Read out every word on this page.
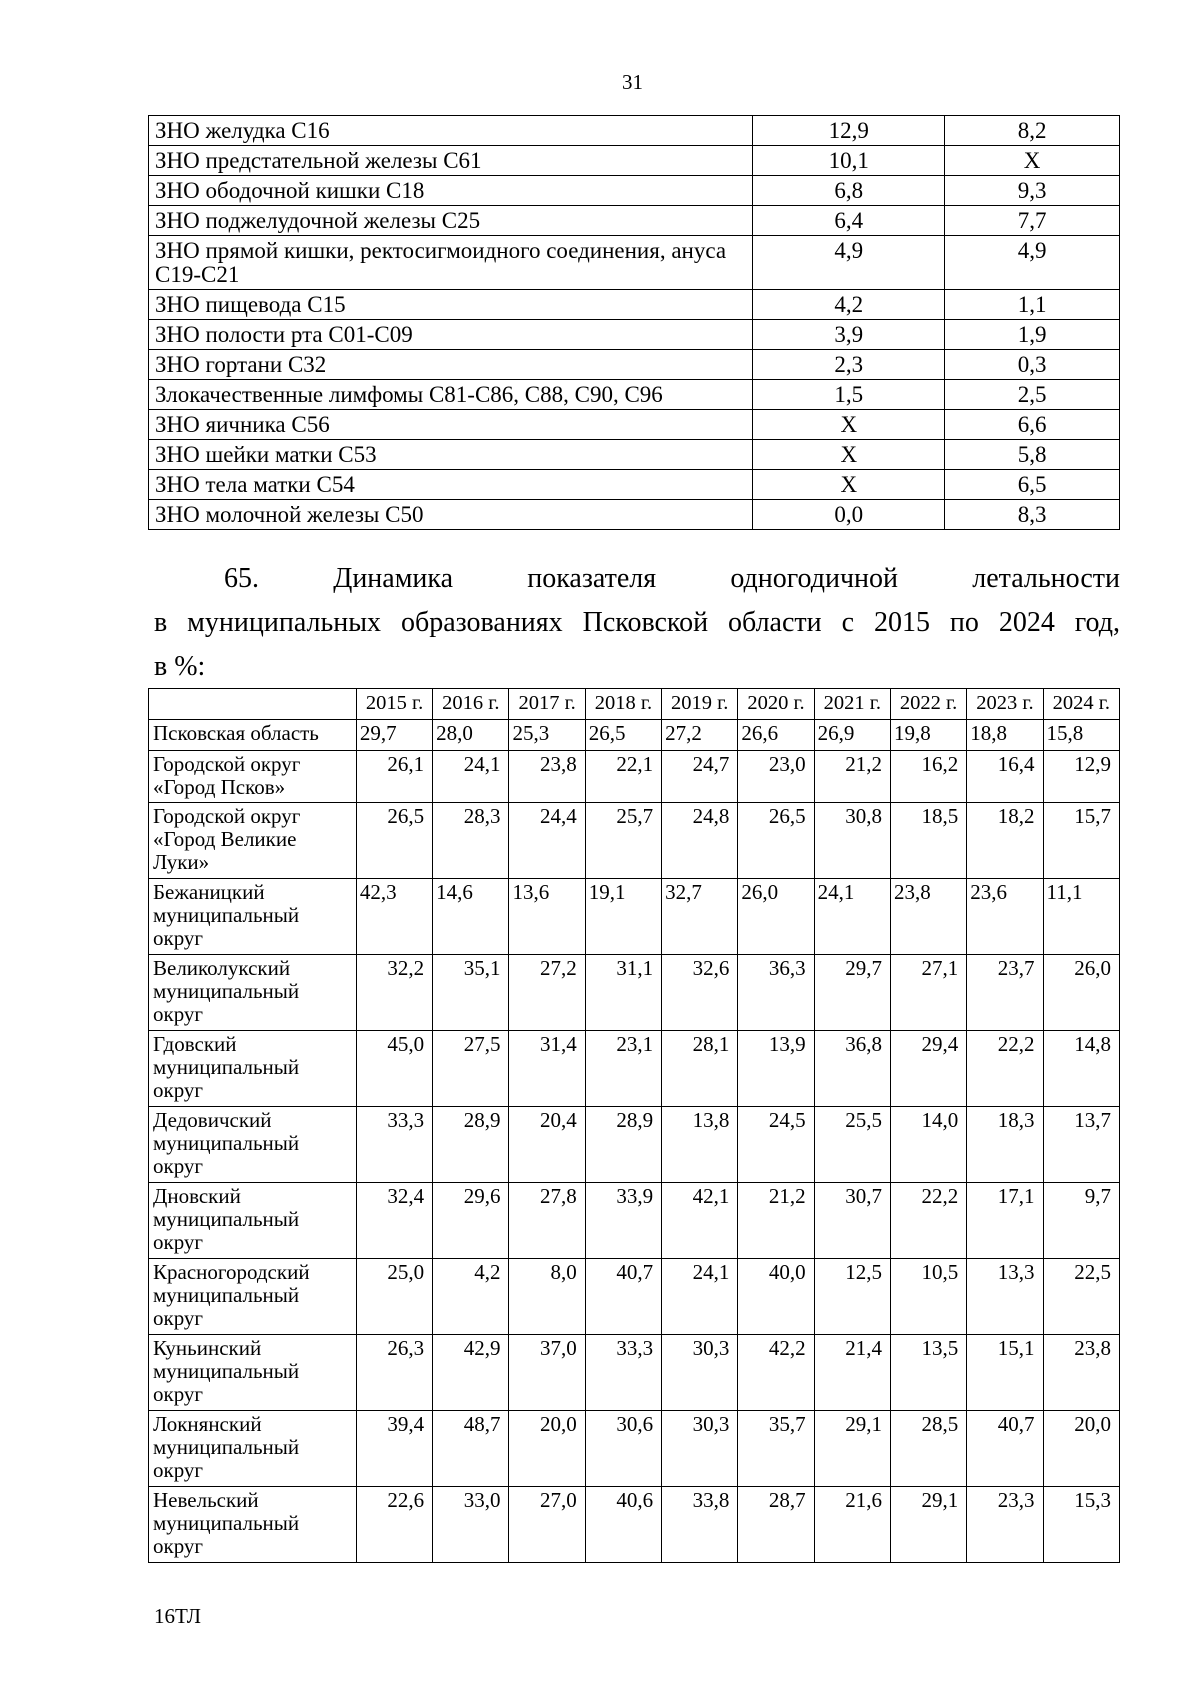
31
ЗНО желудка С16	12,9	8,2
ЗНО предстательной железы С61	10,1	Х
ЗНО ободочной кишки С18	6,8	9,3
ЗНО поджелудочной железы С25	6,4	7,7
ЗНО прямой кишки, ректосигмоидного соединения, ануса С19-С21	4,9	4,9
ЗНО пищевода С15	4,2	1,1
ЗНО полости рта С01-С09	3,9	1,9
ЗНО гортани С32	2,3	0,3
Злокачественные лимфомы С81-С86, С88, С90, С96	1,5	2,5
ЗНО яичника С56	Х	6,6
ЗНО шейки матки С53	Х	5,8
ЗНО тела матки С54	Х	6,5
ЗНО молочной железы С50	0,0	8,3
65.	Динамика	показателя	одногодичной	летальности
в муниципальных образованиях Псковской области с 2015 по 2024 год,
в %:
	2015 г.	2016 г.	2017 г.	2018 г.	2019 г.	2020 г.	2021 г.	2022 г.	2023 г.	2024 г.
Псковская область	29,7	28,0	25,3	26,5	27,2	26,6	26,9	19,8	18,8	15,8
Городской округ «Город Псков»	26,1	24,1	23,8	22,1	24,7	23,0	21,2	16,2	16,4	12,9
Городской округ «Город Великие Луки»	26,5	28,3	24,4	25,7	24,8	26,5	30,8	18,5	18,2	15,7
Бежаницкий муниципальный округ	42,3	14,6	13,6	19,1	32,7	26,0	24,1	23,8	23,6	11,1
Великолукский муниципальный округ	32,2	35,1	27,2	31,1	32,6	36,3	29,7	27,1	23,7	26,0
Гдовский муниципальный округ	45,0	27,5	31,4	23,1	28,1	13,9	36,8	29,4	22,2	14,8
Дедовичский муниципальный округ	33,3	28,9	20,4	28,9	13,8	24,5	25,5	14,0	18,3	13,7
Дновский муниципальный округ	32,4	29,6	27,8	33,9	42,1	21,2	30,7	22,2	17,1	9,7
Красногородский муниципальный округ	25,0	4,2	8,0	40,7	24,1	40,0	12,5	10,5	13,3	22,5
Куньинский муниципальный округ	26,3	42,9	37,0	33,3	30,3	42,2	21,4	13,5	15,1	23,8
Локнянский муниципальный округ	39,4	48,7	20,0	30,6	30,3	35,7	29,1	28,5	40,7	20,0
Невельский муниципальный округ	22,6	33,0	27,0	40,6	33,8	28,7	21,6	29,1	23,3	15,3
16ТЛ
